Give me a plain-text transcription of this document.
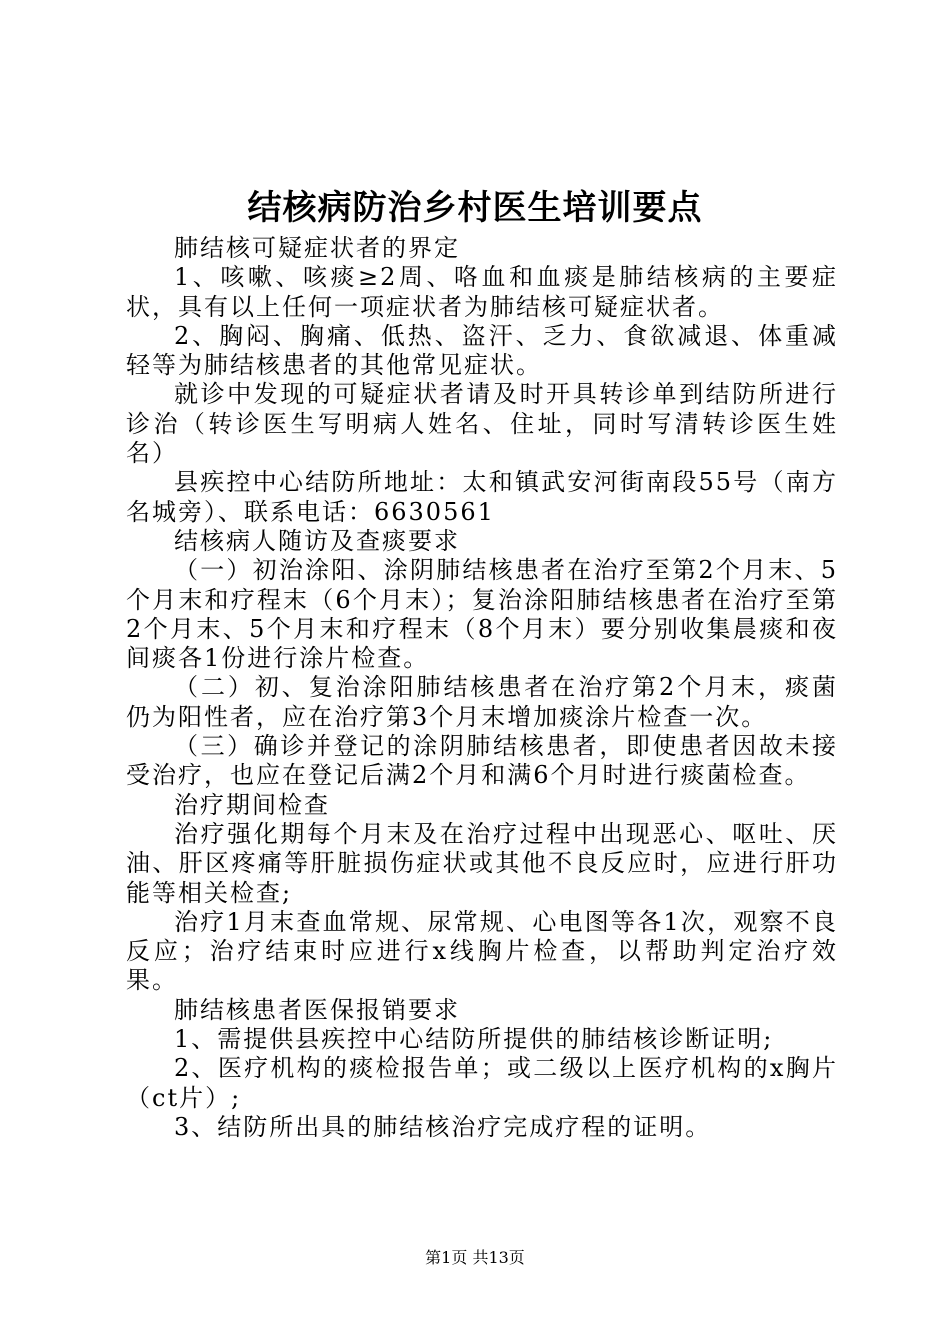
结核病防治乡村医生培训要点

肺结核可疑症状者的界定

1、咳嗽、咳痰≥2周、咯血和血痰是肺结核病的主要症状，具有以上任何一项症状者为肺结核可疑症状者。

2、胸闷、胸痛、低热、盗汗、乏力、食欲减退、体重减轻等为肺结核患者的其他常见症状。

就诊中发现的可疑症状者请及时开具转诊单到结防所进行诊治（转诊医生写明病人姓名、住址，同时写清转诊医生姓名）

县疾控中心结防所地址：太和镇武安河街南段55号（南方名城旁）、联系电话：6630561

结核病人随访及查痰要求

（一）初治涂阳、涂阴肺结核患者在治疗至第2个月末、5个月末和疗程末（6个月末）；复治涂阳肺结核患者在治疗至第2个月末、5个月末和疗程末（8个月末）要分别收集晨痰和夜间痰各1份进行涂片检查。

（二）初、复治涂阳肺结核患者在治疗第2个月末，痰菌仍为阳性者，应在治疗第3个月末增加痰涂片检查一次。

（三）确诊并登记的涂阴肺结核患者，即使患者因故未接受治疗，也应在登记后满2个月和满6个月时进行痰菌检查。

治疗期间检查

治疗强化期每个月末及在治疗过程中出现恶心、呕吐、厌油、肝区疼痛等肝脏损伤症状或其他不良反应时，应进行肝功能等相关检查;

治疗1月末查血常规、尿常规、心电图等各1次，观察不良反应；治疗结束时应进行x线胸片检查，以帮助判定治疗效果。

肺结核患者医保报销要求

1、需提供县疾控中心结防所提供的肺结核诊断证明;

2、医疗机构的痰检报告单；或二级以上医疗机构的x胸片（ct片）;

3、结防所出具的肺结核治疗完成疗程的证明。

第1页 共13页
